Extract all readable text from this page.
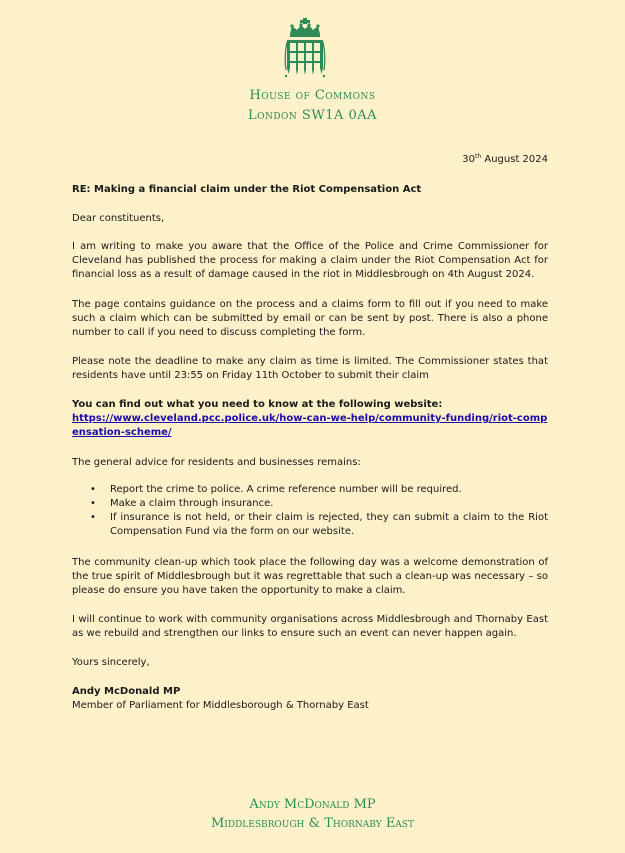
House of Commons
London SW1A 0AA
30th August 2024

RE: Making a financial claim under the Riot Compensation Act

Dear constituents,

I am writing to make you aware that the Office of the Police and Crime Commissioner for Cleveland has published the process for making a claim under the Riot Compensation Act for financial loss as a result of damage caused in the riot in Middlesbrough on 4th August 2024.

The page contains guidance on the process and a claims form to fill out if you need to make such a claim which can be submitted by email or can be sent by post. There is also a phone number to call if you need to discuss completing the form.

Please note the deadline to make any claim as time is limited. The Commissioner states that residents have until 23:55 on Friday 11th October to submit their claim

You can find out what you need to know at the following website:

https://www.cleveland.pcc.police.uk/how-can-we-help/community-funding/riot-compensation-scheme/

The general advice for residents and businesses remains:

• Report the crime to police. A crime reference number will be required.
• Make a claim through insurance.
• If insurance is not held, or their claim is rejected, they can submit a claim to the Riot Compensation Fund via the form on our website.

The community clean-up which took place the following day was a welcome demonstration of the true spirit of Middlesbrough but it was regrettable that such a clean-up was necessary – so please do ensure you have taken the opportunity to make a claim.

I will continue to work with community organisations across Middlesbrough and Thornaby East as we rebuild and strengthen our links to ensure such an event can never happen again.

Yours sincerely,

Andy McDonald MP

Member of Parliament for Middlesborough & Thornaby East

Andy McDonald MP
Middlesbrough & Thornaby East
